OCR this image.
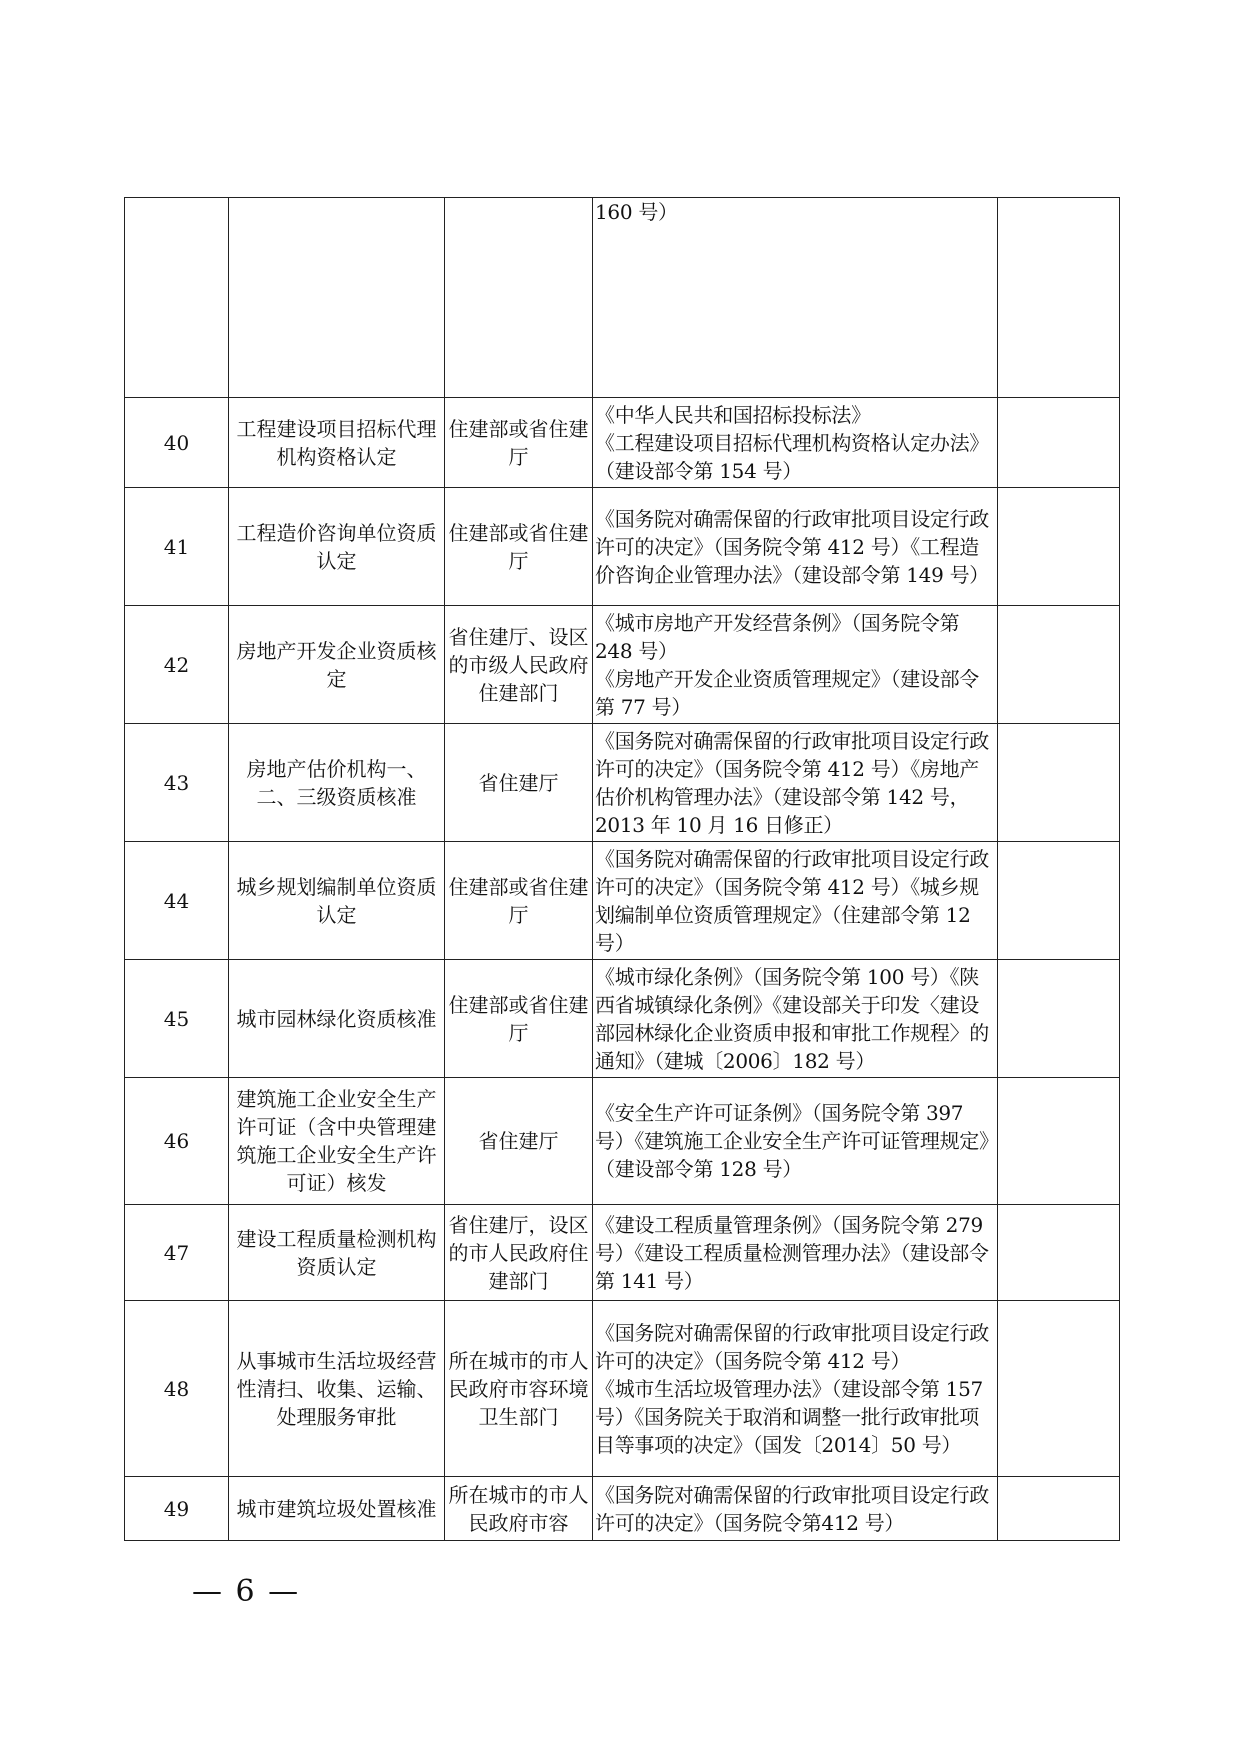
			160 号）	

40	工程建设项目招标代理机构资格认定	住建部或省住建厅	《中华人民共和国招标投标法》
《工程建设项目招标代理机构资格认定办法》（建设部令第 154 号）	

41	工程造价咨询单位资质认定	住建部或省住建厅	《国务院对确需保留的行政审批项目设定行政许可的决定》（国务院令第 412 号）《工程造价咨询企业管理办法》（建设部令第 149 号）	

42	房地产开发企业资质核定	省住建厅、设区的市级人民政府住建部门	《城市房地产开发经营条例》（国务院令第 248 号）
《房地产开发企业资质管理规定》（建设部令第 77 号）	

43	房地产估价机构一、二、三级资质核准	省住建厅	《国务院对确需保留的行政审批项目设定行政许可的决定》（国务院令第 412 号）《房地产估价机构管理办法》（建设部令第 142 号，2013 年 10 月 16 日修正）	

44	城乡规划编制单位资质认定	住建部或省住建厅	《国务院对确需保留的行政审批项目设定行政许可的决定》（国务院令第 412 号）《城乡规划编制单位资质管理规定》（住建部令第 12 号）	

45	城市园林绿化资质核准	住建部或省住建厅	《城市绿化条例》（国务院令第 100 号）《陕西省城镇绿化条例》《建设部关于印发〈建设部园林绿化企业资质申报和审批工作规程〉的通知》（建城〔2006〕182 号）	

46	建筑施工企业安全生产许可证（含中央管理建筑施工企业安全生产许可证）核发	省住建厅	《安全生产许可证条例》（国务院令第 397 号）《建筑施工企业安全生产许可证管理规定》（建设部令第 128 号）	

47	建设工程质量检测机构资质认定	省住建厅，设区的市人民政府住建部门	《建设工程质量管理条例》（国务院令第 279 号）《建设工程质量检测管理办法》（建设部令第 141 号）	

48	从事城市生活垃圾经营性清扫、收集、运输、处理服务审批	所在城市的市人民政府市容环境卫生部门	《国务院对确需保留的行政审批项目设定行政许可的决定》（国务院令第 412 号）
《城市生活垃圾管理办法》（建设部令第 157 号）《国务院关于取消和调整一批行政审批项目等事项的决定》（国发〔2014〕50 号）	

49	城市建筑垃圾处置核准	所在城市的市人民政府市容	《国务院对确需保留的行政审批项目设定行政许可的决定》（国务院令第412 号）	

— 6 —
